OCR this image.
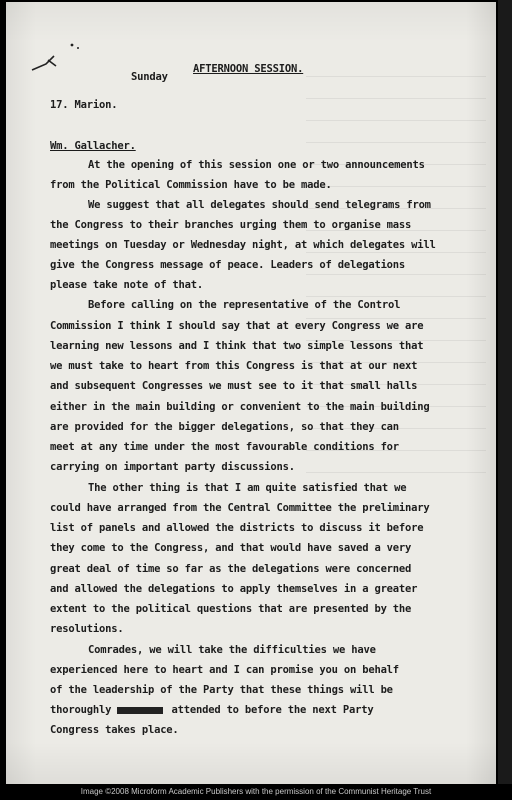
Sunday
AFTERNOON SESSION.
17. Marion.
Wm. Gallacher.
At the opening of this session one or two announcements
from the Political Commission have to be made.
We suggest that all delegates should send telegrams from
the Congress to their branches urging them to organise mass
meetings on Tuesday or Wednesday night, at which delegates will
give the Congress message of peace. Leaders of delegations
please take note of that.
Before calling on the representative of the Control
Commission I think I should say that at every Congress we are
learning new lessons and I think that two simple lessons that
we must take to heart from this Congress is that at our next
and subsequent Congresses we must see to it that small halls
either in the main building or convenient to the main building
are provided for the bigger delegations, so that they can
meet at any time under the most favourable conditions for
carrying on important party discussions.
The other thing is that I am quite satisfied that we
could have arranged from the Central Committee the preliminary
list of panels and allowed the districts to discuss it before
they come to the Congress, and that would have saved a very
great deal of time so far as the delegations were concerned
and allowed the delegations to apply themselves in a greater
extent to the political questions that are presented by the
resolutions.
Comrades, we will take the difficulties we have
experienced here to heart and I can promise you on behalf
of the leadership of the Party that these things will be
thoroughly	attended to before the next Party
Congress takes place.
Image ©2008 Microform Academic Publishers with the permission of the Communist Heritage Trust
